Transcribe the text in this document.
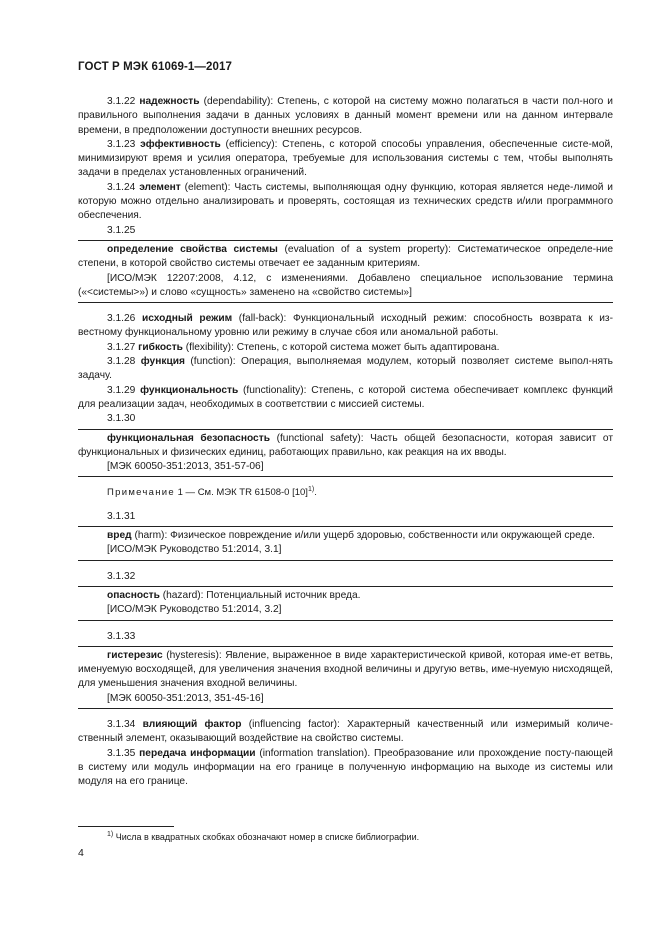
ГОСТ Р МЭК 61069-1—2017

3.1.22 надежность (dependability): Степень, с которой на систему можно полагаться в части пол-ного и правильного выполнения задачи в данных условиях в данный момент времени или на данном интервале времени, в предположении доступности внешних ресурсов.

3.1.23 эффективность (efficiency): Степень, с которой способы управления, обеспеченные систе-мой, минимизируют время и усилия оператора, требуемые для использования системы с тем, чтобы выполнять задачи в пределах установленных ограничений.

3.1.24 элемент (element): Часть системы, выполняющая одну функцию, которая является неде-лимой и которую можно отдельно анализировать и проверять, состоящая из технических средств и/или программного обеспечения.

3.1.25

определение свойства системы (evaluation of a system property): Систематическое определе-ние степени, в которой свойство системы отвечает ее заданным критериям.

[ИСО/МЭК 12207:2008, 4.12, с изменениями. Добавлено специальное использование термина («<системы>») и слово «сущность» заменено на «свойство системы»]

3.1.26 исходный режим (fall-back): Функциональный исходный режим: способность возврата к из-вестному функциональному уровню или режиму в случае сбоя или аномальной работы.

3.1.27 гибкость (flexibility): Степень, с которой система может быть адаптирована.

3.1.28 функция (function): Операция, выполняемая модулем, который позволяет системе выпол-нять задачу.

3.1.29 функциональность (functionality): Степень, с которой система обеспечивает комплекс функций для реализации задач, необходимых в соответствии с миссией системы.

3.1.30

функциональная безопасность (functional safety): Часть общей безопасности, которая зависит от функциональных и физических единиц, работающих правильно, как реакция на их вводы.

[МЭК 60050-351:2013, 351-57-06]

Примечание 1 — См. МЭК TR 61508-0 $[10]^{1)}$.

3.1.31

вред (harm): Физическое повреждение и/или ущерб здоровью, собственности или окружающей среде.

[ИСО/МЭК Руководство 51:2014, 3.1]

3.1.32

опасность (hazard): Потенциальный источник вреда.

[ИСО/МЭК Руководство 51:2014, 3.2]

3.1.33

гистерезис (hysteresis): Явление, выраженное в виде характеристической кривой, которая име-ет ветвь, именуемую восходящей, для увеличения значения входной величины и другую ветвь, име-нуемую нисходящей, для уменьшения значения входной величины.

[МЭК 60050-351:2013, 351-45-16]

3.1.34 влияющий фактор (influencing factor): Характерный качественный или измеримый количе-ственный элемент, оказывающий воздействие на свойство системы.

3.1.35 передача информации (information translation). Преобразование или прохождение посту-пающей в систему или модуль информации на его границе в полученную информацию на выходе из системы или модуля на его границе.

$^{1)}$ Числа в квадратных скобках обозначают номер в списке библиографии.
4
